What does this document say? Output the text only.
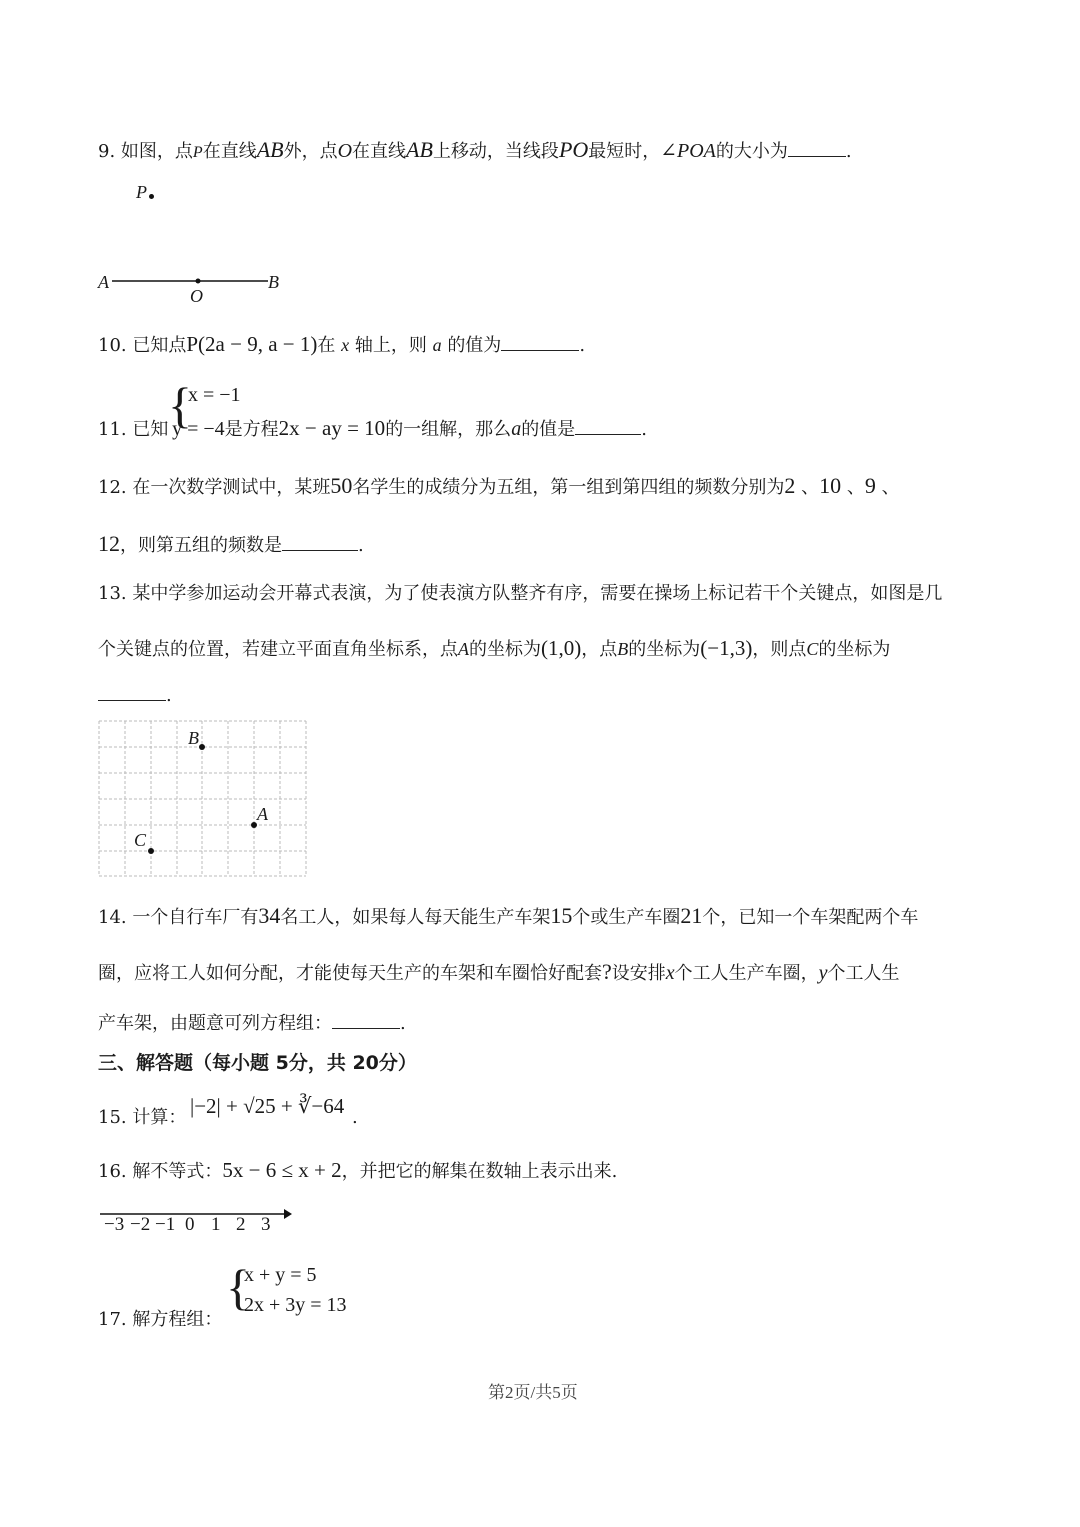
9. 如图，点P在直线AB外，点O在直线AB上移动，当线段PO最短时，∠POA的大小为	.
P
A	B
O
10. 已知点P(2a − 9, a − 1)在 x 轴上，则 a 的值为	.
{
x = −1
11. 已知 y = −4是方程2x − ay = 10的一组解，那么a的值是	.
12. 在一次数学测试中，某班50名学生的成绩分为五组，第一组到第四组的频数分别为2 、10 、9 、
12，则第五组的频数是	.
13. 某中学参加运动会开幕式表演，为了使表演方队整齐有序，需要在操场上标记若干个关键点，如图是几
个关键点的位置，若建立平面直角坐标系，点A的坐标为(1,0)，点B的坐标为(−1,3)，则点C的坐标为
.
B
A
C
14. 一个自行车厂有34名工人，如果每人每天能生产车架15个或生产车圈21个，已知一个车架配两个车
圈，应将工人如何分配，才能使每天生产的车架和车圈恰好配套?设安排x个工人生产车圈，y个工人生
产车架，由题意可列方程组：	.
三、解答题（每小题 5分，共 20分）
15. 计算： |−2| + √25 + ∛−64 .
16. 解不等式：5x − 6 ≤ x + 2，并把它的解集在数轴上表示出来.
−3 −2 −1 0 1 2 3
{
x + y = 5
2x + 3y = 13
17. 解方程组：
第2页/共5页
